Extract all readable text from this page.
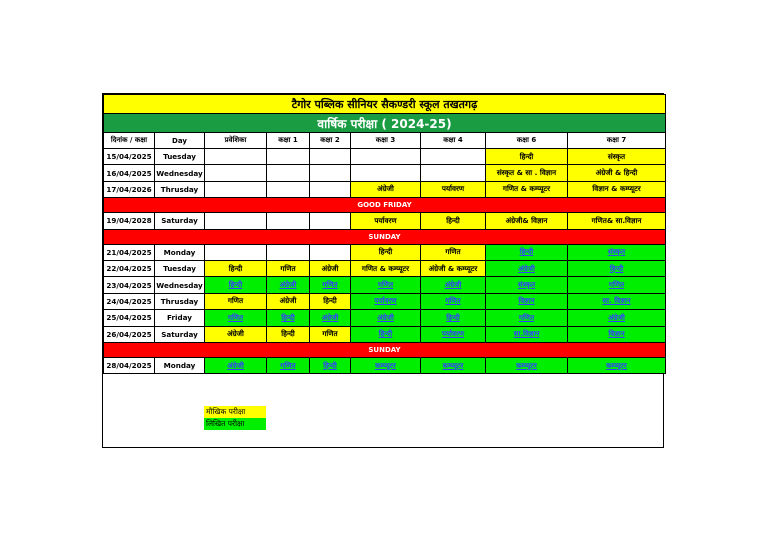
टैगोर पब्लिक सीनियर सैकण्डरी स्कूल तखतगढ़								
वार्षिक परीक्षा ( 2024-25)								
दिनांक / कक्षा	Day	प्रवेशिका	कक्षा 1	कक्षा 2	कक्षा 3	कक्षा 4	कक्षा 6	कक्षा 7
15/04/2025	Tuesday						हिन्दी	संस्कृत
16/04/2025	Wednesday						संस्कृत & सा . विज्ञान	अंग्रेजी & हिन्दी
17/04/2026	Thrusday				अंग्रेजी	पर्यावरण	गणित & कम्प्यूटर	विज्ञान & कम्प्यूटर
GOOD FRIDAY								
19/04/2028	Saturday				पर्यावरण	हिन्दी	अंग्रेजी& विज्ञान	गणित& सा.विज्ञान
SUNDAY								
21/04/2025	Monday				हिन्दी	गणित	हिन्दी	संस्कृत
22/04/2025	Tuesday	हिन्दी	गणित	अंग्रेजी	गणित & कम्प्यूटर	अंग्रेजी & कम्प्यूटर	अंग्रेजी	हिन्दी
23/04/2025	Wednesday	हिन्दी	अंग्रेजी	गणित	गणित	अंग्रेजी	संस्कृत	गणित
24/04/2025	Thrusday	गणित	अंग्रेजी	हिन्दी	पर्यावरण	गणित	विज्ञान	सा. विज्ञान
25/04/2025	Friday	गणित	हिन्दी	अंग्रेजी	अंग्रेजी	हिन्दी	गणित	अंग्रेजी
26/04/2025	Saturday	अंग्रेजी	हिन्दी	गणित	हिन्दी	पर्यावरण	सा.विज्ञान	विज्ञान
SUNDAY								
28/04/2025	Monday	अंग्रेजी	गणित	हिन्दी	कम्प्यूटर	कम्प्यूटर	कम्प्यूटर	कम्प्यूटर
मौखिक परीक्षा
लिखित परीक्षा
